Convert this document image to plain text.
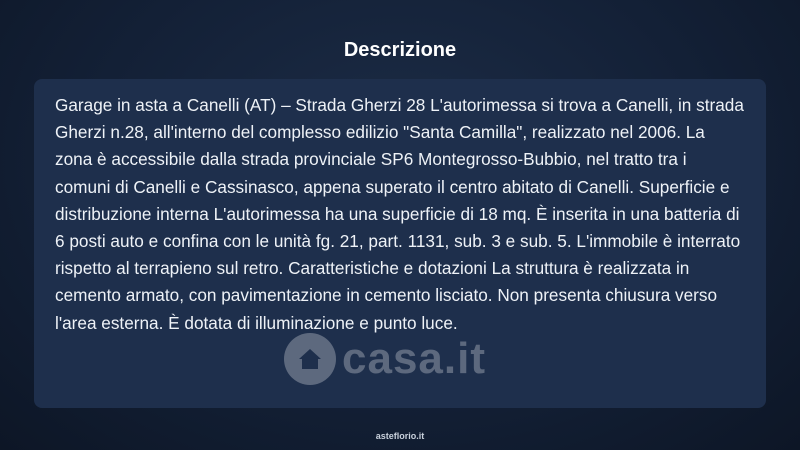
Descrizione

Garage in asta a Canelli (AT) – Strada Gherzi 28 L'autorimessa si trova a Canelli, in strada Gherzi n.28, all'interno del complesso edilizio "Santa Camilla", realizzato nel 2006. La zona è accessibile dalla strada provinciale SP6 Montegrosso-Bubbio, nel tratto tra i comuni di Canelli e Cassinasco, appena superato il centro abitato di Canelli. Superficie e distribuzione interna L'autorimessa ha una superficie di 18 mq. È inserita in una batteria di 6 posti auto e confina con le unità fg. 21, part. 1131, sub. 3 e sub. 5. L'immobile è interrato rispetto al terrapieno sul retro. Caratteristiche e dotazioni La struttura è realizzata in cemento armato, con pavimentazione in cemento lisciato. Non presenta chiusura verso l'area esterna. È dotata di illuminazione e punto luce.

casa.it
asteflorio.it
